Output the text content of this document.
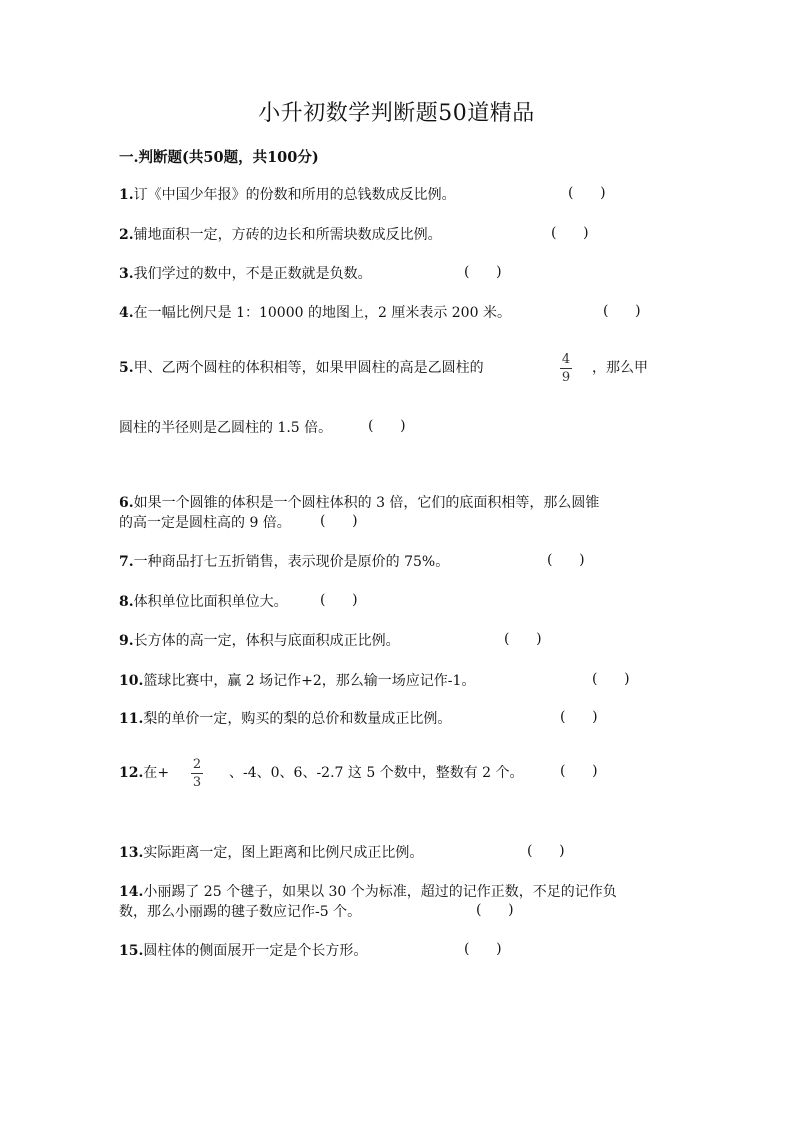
小升初数学判断题50道精品
一.判断题(共50题，共100分)
1.订《中国少年报》的份数和所用的总钱数成反比例。	(      )
2.铺地面积一定，方砖的边长和所需块数成反比例。	(      )
3.我们学过的数中，不是正数就是负数。	(      )
4.在一幅比例尺是 1：10000 的地图上，2 厘米表示 200 米。	(      )
5.甲、乙两个圆柱的体积相等，如果甲圆柱的高是乙圆柱的
4
9
，那么甲
圆柱的半径则是乙圆柱的 1.5 倍。	(      )
6.如果一个圆锥的体积是一个圆柱体积的 3 倍，它们的底面积相等，那么圆锥
的高一定是圆柱高的 9 倍。 (      )
7.一种商品打七五折销售，表示现价是原价的 75%。	(      )
8.体积单位比面积单位大。 (      )
9.长方体的高一定，体积与底面积成正比例。	(      )
10.篮球比赛中，赢 2 场记作+2，那么输一场应记作-1。	(      )
11.梨的单价一定，购买的梨的总价和数量成正比例。	(      )
12.在+
2
3
、-4、0、6、-2.7 这 5 个数中，整数有 2 个。	(      )
13.实际距离一定，图上距离和比例尺成正比例。	(      )
14.小丽踢了 25 个毽子，如果以 30 个为标准，超过的记作正数，不足的记作负
数，那么小丽踢的毽子数应记作-5 个。	(      )
15.圆柱体的侧面展开一定是个长方形。	(      )
